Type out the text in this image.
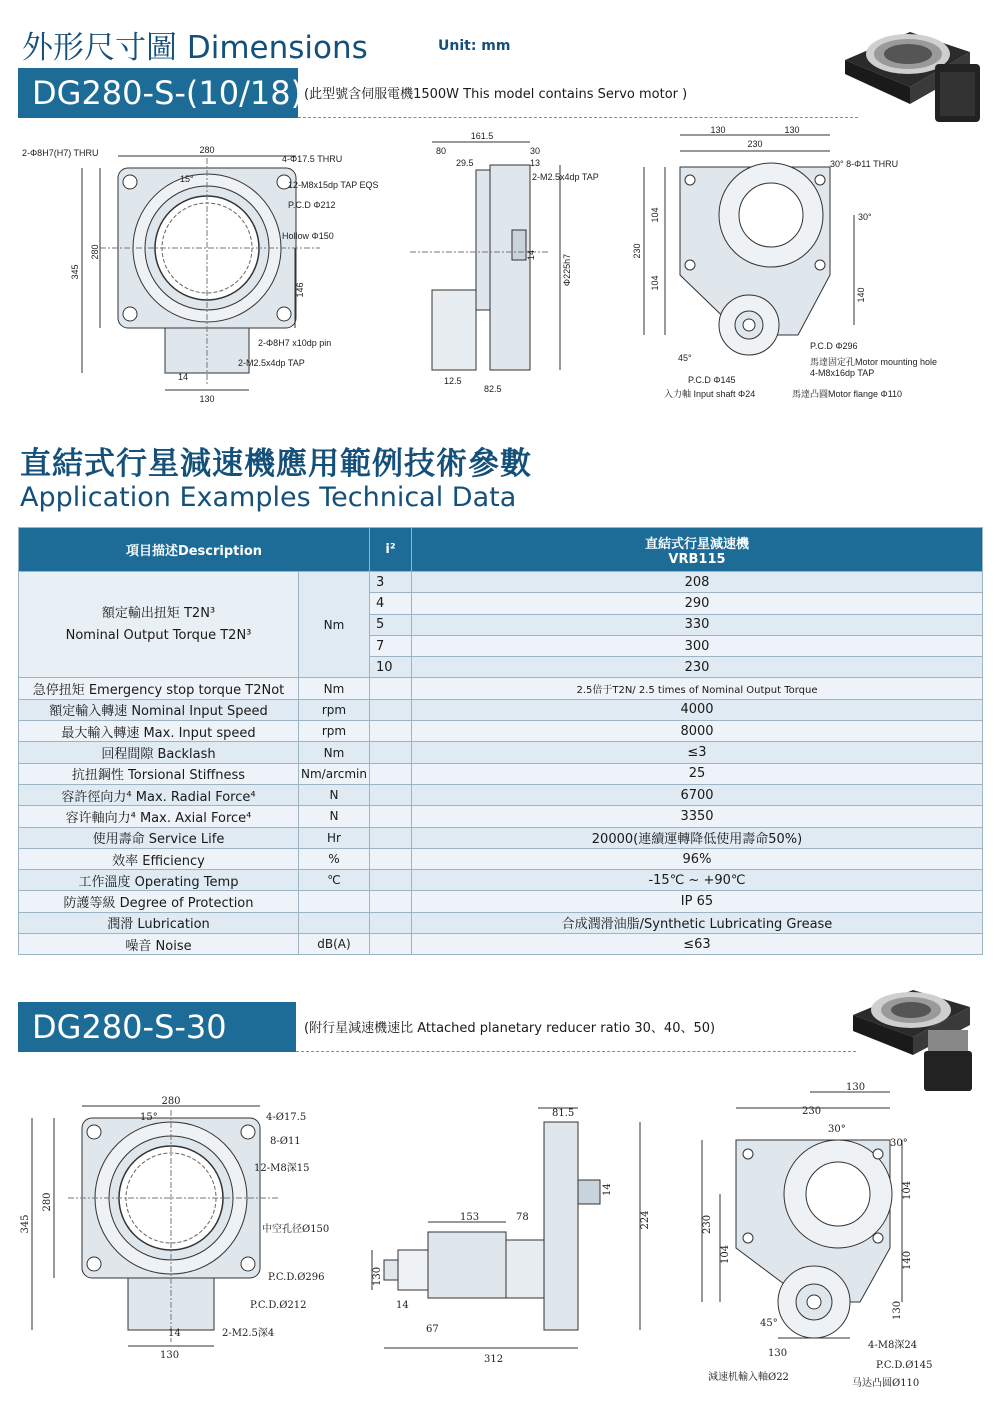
外形尺寸圖 Dimensions	Unit: mm
DG280-S-(10/18) (此型號含伺服電機1500W This model contains Servo motor )
280
2-Φ8H7(H7) THRU
4-Φ17.5 THRU
15°
12-M8x15dp TAP EQS
P.C.D Φ212
Hollow Φ150
280
345
146
2-Φ8H7 x10dp pin
2-M2.5x4dp TAP
14
130
161.5
80	30
29.5	13
2-M2.5x4dp TAP
14	Φ225h7
12.5
82.5
130	130
230
30° 8-Φ11 THRU
30°
104
104
230
140
P.C.D Φ296
馬達固定孔Motor mounting hole
4-M8x16dp TAP
45°
P.C.D Φ145
入力軸 Input shaft Φ24	馬達凸圓Motor flange Φ110
直結式行星減速機應用範例技術參數
Application Examples Technical Data
項目描述Description		i²	直結式行星減速機
VRB115

額定輸出扭矩 T2N³
Nominal Output Torque T2N³	Nm	3	208
		4	290
		5	330
		7	300
		10	230
急停扭矩 Emergency stop torque T2Not	Nm		2.5倍于T2N/ 2.5 times of Nominal Output Torque
額定輸入轉速 Nominal Input Speed	rpm		4000
最大輸入轉速 Max. Input speed	rpm		8000
回程間隙 Backlash	Nm		≤3
抗扭鋼性 Torsional Stiffness	Nm/arcmin		25
容許徑向力⁴ Max. Radial Force⁴	N		6700
容许軸向力⁴ Max. Axial Force⁴	N		3350
使用壽命 Service Life	Hr		20000(連續運轉降低使用壽命50%)
效率 Efficiency	%		96%
工作溫度 Operating Temp	℃		-15℃ ~ +90℃
防護等級 Degree of Protection			IP 65
潤滑 Lubrication			合成潤滑油脂/Synthetic Lubricating Grease
噪音 Noise	dB(A)		≤63
DG280-S-30	(附行星減速機速比 Attached planetary reducer ratio 30、40、50)
280
15°	4-Ø17.5
8-Ø11
12-M8深15
345
280
中空孔径Ø150
P.C.D.Ø296
P.C.D.Ø212
2-M2.5深4
14
130
81.5
14
224
153	78
130
14
67
312
130
230
30°
30°
104
230
104	140
130
45°
4-M8深24
130
P.C.D.Ø145
減速机輸入軸Ø22
马达凸圆Ø110
